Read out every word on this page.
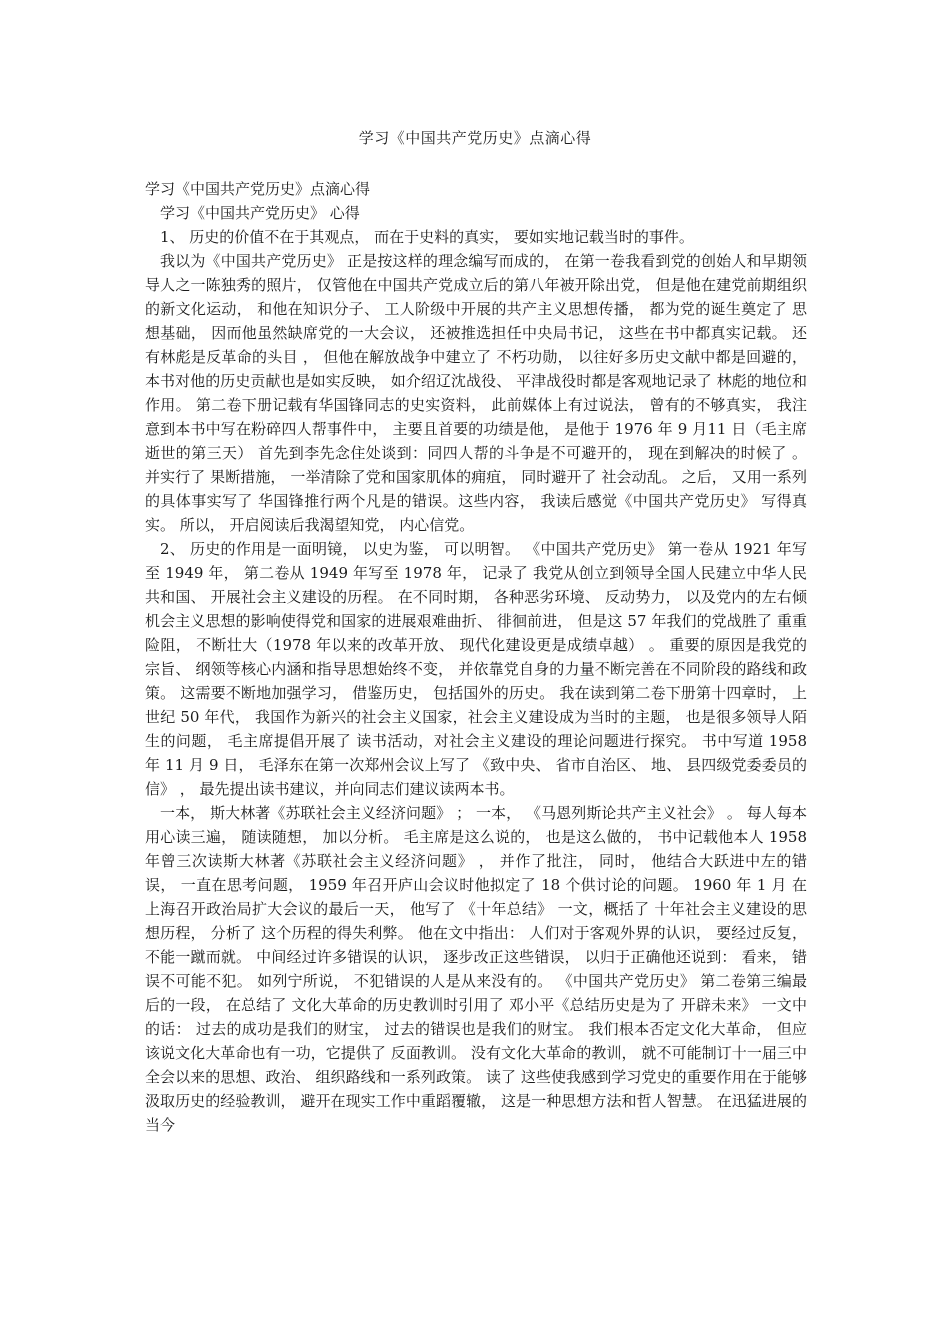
学习《中国共产党历史》点滴心得

学习《中国共产党历史》点滴心得

学习《中国共产党历史》 心得

1、 历史的价值不在于其观点， 而在于史料的真实， 要如实地记载当时的事件。

我以为《中国共产党历史》 正是按这样的理念编写而成的， 在第一卷我看到党的创始人和早期领导人之一陈独秀的照片， 仅管他在中国共产党成立后的第八年被开除出党， 但是他在建党前期组织的新文化运动， 和他在知识分子、 工人阶级中开展的共产主义思想传播， 都为党的诞生奠定了 思想基础， 因而他虽然缺席党的一大会议， 还被推选担任中央局书记， 这些在书中都真实记载。 还有林彪是反革命的头目 ， 但他在解放战争中建立了 不朽功勋， 以往好多历史文献中都是回避的， 本书对他的历史贡献也是如实反映， 如介绍辽沈战役、 平津战役时都是客观地记录了 林彪的地位和作用。 第二卷下册记载有华国锋同志的史实资料， 此前媒体上有过说法， 曾有的不够真实， 我注意到本书中写在粉碎四人帮事件中， 主要且首要的功绩是他， 是他于 1976 年 9 月11 日（毛主席逝世的第三天） 首先到李先念住处谈到：同四人帮的斗争是不可避开的， 现在到解决的时候了 。 并实行了 果断措施， 一举清除了党和国家肌体的痈疽， 同时避开了 社会动乱。 之后， 又用一系列的具体事实写了 华国锋推行两个凡是的错误。这些内容， 我读后感觉《中国共产党历史》 写得真实。 所以， 开启阅读后我渴望知党， 内心信党。

2、 历史的作用是一面明镜， 以史为鉴， 可以明智。 《中国共产党历史》 第一卷从 1921 年写至 1949 年， 第二卷从 1949 年写至 1978 年， 记录了 我党从创立到领导全国人民建立中华人民共和国、 开展社会主义建设的历程。 在不同时期， 各种恶劣环境、 反动势力， 以及党内的左右倾机会主义思想的影响使得党和国家的进展艰难曲折、 徘徊前进， 但是这 57 年我们的党战胜了 重重险阻， 不断壮大（1978 年以来的改革开放、 现代化建设更是成绩卓越） 。 重要的原因是我党的宗旨、 纲领等核心内涵和指导思想始终不变， 并依靠党自身的力量不断完善在不同阶段的路线和政策。 这需要不断地加强学习， 借鉴历史， 包括国外的历史。 我在读到第二卷下册第十四章时， 上世纪 50 年代， 我国作为新兴的社会主义国家，社会主义建设成为当时的主题， 也是很多领导人陌生的问题， 毛主席提倡开展了 读书活动，对社会主义建设的理论问题进行探究。 书中写道 1958 年 11 月 9 日， 毛泽东在第一次郑州会议上写了 《致中央、 省市自治区、 地、 县四级党委委员的信》 ， 最先提出读书建议，并向同志们建议读两本书。

一本， 斯大林著《苏联社会主义经济问题》 ； 一本， 《马恩列斯论共产主义社会》 。 每人每本用心读三遍， 随读随想， 加以分析。 毛主席是这么说的， 也是这么做的， 书中记载他本人 1958 年曾三次读斯大林著《苏联社会主义经济问题》 ， 并作了批注， 同时， 他结合大跃进中左的错误， 一直在思考问题， 1959 年召开庐山会议时他拟定了 18 个供讨论的问题。 1960 年 1 月 在上海召开政治局扩大会议的最后一天， 他写了 《十年总结》 一文，概括了 十年社会主义建设的思想历程， 分析了 这个历程的得失利弊。 他在文中指出： 人们对于客观外界的认识， 要经过反复， 不能一蹴而就。 中间经过许多错误的认识， 逐步改正这些错误， 以归于正确他还说到： 看来， 错误不可能不犯。 如列宁所说， 不犯错误的人是从来没有的。 《中国共产党历史》 第二卷第三编最后的一段， 在总结了 文化大革命的历史教训时引用了 邓小平《总结历史是为了 开辟未来》 一文中的话： 过去的成功是我们的财宝， 过去的错误也是我们的财宝。 我们根本否定文化大革命， 但应该说文化大革命也有一功，它提供了 反面教训。 没有文化大革命的教训， 就不可能制订十一届三中全会以来的思想、政治、 组织路线和一系列政策。 读了 这些使我感到学习党史的重要作用在于能够汲取历史的经验教训， 避开在现实工作中重蹈覆辙， 这是一种思想方法和哲人智慧。 在迅猛进展的当今
